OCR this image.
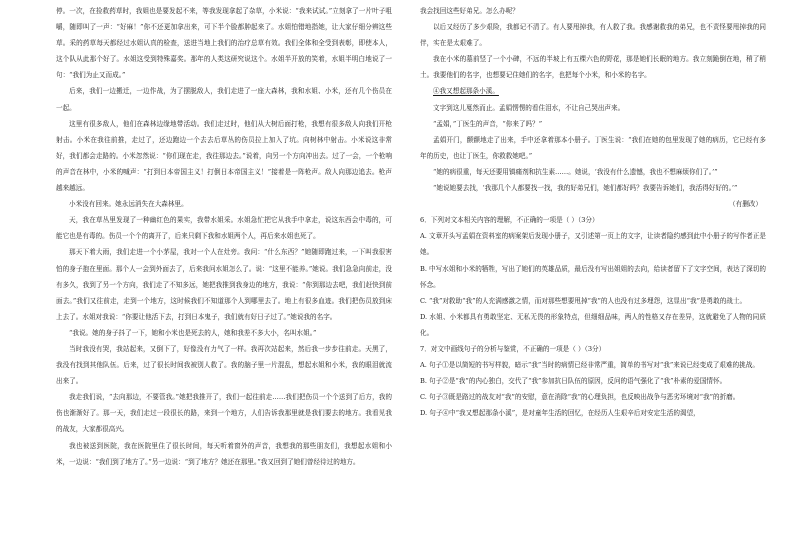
停。一次，在捡救药草时，我姐也是要发起不来，等我发现拿起了杂草，小米说：“我来试试。”立刻拿了一片叶子咀嚼，随即叫了一声：“好麻！”你不还更加拿出来，可下半个脸都肿起来了。水姐怕错地指她，让大家仔细分辨这些草。采的药草每天都经过水姐认真的检查，送进当地上我们的治疗总草有效。我们全体和全受到表彰，即使本人，这个队从此那个好了。水姐这受到特殊嘉奖。那年的人类这研究说这个。水姐半开放的笑着，水姐半明白地说了一句：“我们为止又而成。”

后来，我们一边搬迁，一边作战，为了摆脱敌人，我们走进了一座大森林，我和水姐、小米，还有几个伤员在一起。

这里有很多敌人，他们在森林边缘地带活动。我们走过时，他们从大树后面打枪，我想有很多敌人向我们开枪射击。小米在我往前推，走过了，还边跑边一个去去后草丛的伤员拉上加入了坑。向树林中射击。小米说这非常好，我们都会走路的。小米忽然说：“你们现在走，我往那边去。”说着，向另一个方向冲出去。过了一会，一个枪响的声音在林中，小米的喊声：“打到日本帝国主义！打倒日本帝国主义！”接着是一阵枪声。敌人向那边追去。枪声越来越远。

小米没有回来。她永远消失在大森林里。

天，我在草丛里发现了一种幽红色的果实，我带水姐采。水姐急忙把它从我手中拿走，说这东西会中毒的，可能它也是有毒的。伤员一个个的离开了，后来只剩下我和水姐两个人，再后来水姐也死了。

那天下着大雨，我们走进一个小茅屋，我对一个人在灶旁。我问：“什么东西？”她随即跑过来，一下叫我很害怕的身子抱在里面。那个人一会到外面去了，后来我问水姐怎么了。说：“这里不能养。”她说。我们急急向前走，没有多久，我到了另一个方向，我们走了不知多远，她把我推到我身边的地方，我说：“你到那边去吧，我们赶快到前面去。”我们又往前走，走到一个地方，这时候我们不知道那个人到哪里去了。地上有很多血迹。我们把伤员放到床上去了。水姐对我说：“你要让他活下去，打到日本鬼子，我们就有好日子过了。”她说我的名字。

“我说。她的身子抖了一下，她和小米也是死去的人，她和我差不多大小，名叫水姐。”

当时我没有哭，我站起来，又倒下了，好像没有力气了一样。我再次站起来，然后我一步步往前走。天黑了，我没有找到其他队伍。后来，过了很长时间我被别人救了。我的脑子里一片混乱，想起水姐和小米，我的眼泪就流出来了。

我走我们说，“去向那边，不要管我。”她把我推开了，我们一起往前走……我们把伤员一个个送到了后方，我的伤也渐渐好了。那一天，我们走过一段很长的路，来到一个地方，人们告诉我那里就是我们要去的地方。我看见我的战友，大家都很高兴。

我也被送到医院，我在医院里住了很长时间，每天听着窗外的声音，我想我的那些朋友们，我想起水姐和小米，一边说：“我们到了地方了。”另一边说：“到了地方？她还在那里。”我又回到了她们曾经待过的地方。

我会找回这些好弟兄。怎么办呢？

以后又经历了多少艰险，我都记不清了。有人要甩掉我，有人救了我。我感谢救我的弟兄，也不责怪要甩掉我的同伴，实在是太艰难了。

我在小米的墓前竖了一个小碑，不远的半坡上有五棵六色的野花，那是她们长眠的地方。我立刻跪倒在地，稍了稍土。我要他们的名字，也想要记住她们的名字，也把每个小米，和小米的名字。

④我又想起那条小溪。

文字到这儿戛然而止。孟娟愣愣的看住泪水，不让自己哭出声来。

“孟娟，”丁医生的声音，“你来了吗？”

孟娟开门，颤颤地走了出来，手中还拿着那本小册子。丁医生说：“我们在她的包里发现了她的病历，它已经有多年的历史，也让丁医生，你救救她吧。”

“她的病很重，每天还要用镇痛剂和抗生素……。她说，‘我没有什么遗憾，我也不想麻烦你们了。’”

“她说她要去找，‘我那几个人都要找一找，我的好弟兄们，她们都好吗？我要告诉她们，我活得好好的。’”

（有删改）

6．下列对文本相关内容的理解，不正确的一项是（ ）（3分）

A. 文章开头写孟娟在资料室的病案架后发现小册子，又引述第一页上的文字，让读者隐约感到此中小册子的写作者正是她。

B. 中写水姐和小米的牺牲，写出了她们的英雄品质，最后没有写出姐姐的去向，给读者留下了文字空间，表达了深切的怀念。

C. “我”对救助“我”的人充满感激之情，而对那些想要甩掉“我”的人也没有过多埋怨，这显出“我”是勇敢的战士。

D. 水姐、小米都具有勇敢坚定、无私无畏的形象特点，但细细品味，两人的性格又存在差异，这就避免了人物的同质化。

7．对文中画线句子的分析与鉴赏，不正确的一项是（ ）（3分）

A. 句子①是以简短的书写样貌，暗示“我”当时的病情已经非常严重，简单的书写对“我”来说已经变成了艰难的挑战。

B. 句子②是“我”的内心独白，交代了“我”参加抗日队伍的原因，反问的语气强化了“我”朴素的爱国情怀。

C. 句子③既是路过的战友对“我”的安慰，意在消除“我”的心理负担，也反映出战争与恶劣环境对“我”的折磨。

D. 句子④中“我又想起那条小溪”，是对童年生活的回忆，在经历人生艰辛后对安定生活的渴望，
